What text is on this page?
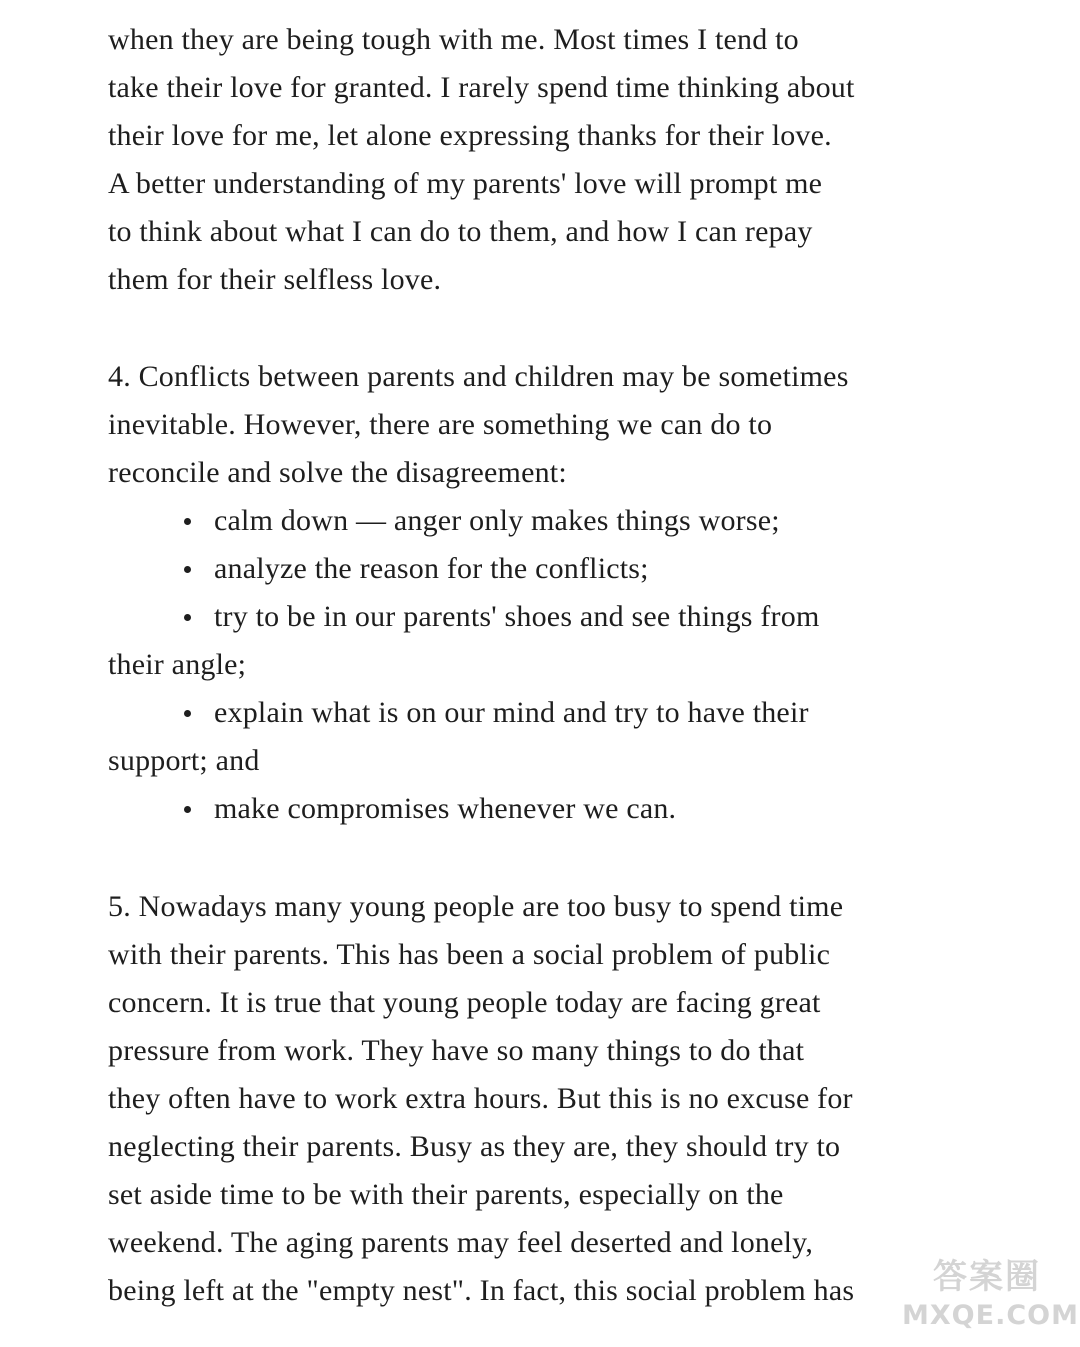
when they are being tough with me. Most times I tend to
take their love for granted. I rarely spend time thinking about
their love for me, let alone expressing thanks for their love.
A better understanding of my parents' love will prompt me
to think about what I can do to them, and how I can repay
them for their selfless love.
4. Conflicts between parents and children may be sometimes
inevitable. However, there are something we can do to
reconcile and solve the disagreement:
calm down — anger only makes things worse;
analyze the reason for the conflicts;
try to be in our parents' shoes and see things from
their angle;
explain what is on our mind and try to have their
support; and
make compromises whenever we can.
5. Nowadays many young people are too busy to spend time
with their parents. This has been a social problem of public
concern. It is true that young people today are facing great
pressure from work. They have so many things to do that
they often have to work extra hours. But this is no excuse for
neglecting their parents. Busy as they are, they should try to
set aside time to be with their parents, especially on the
weekend. The aging parents may feel deserted and lonely,
being left at the "empty nest". In fact, this social problem has	答案圈
MXQE.COM
